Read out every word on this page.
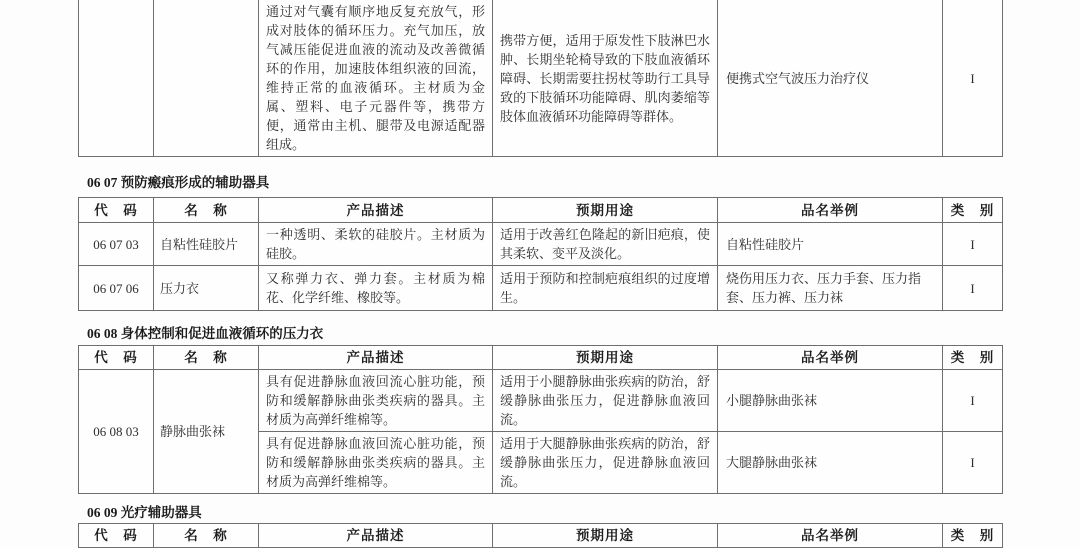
		通过对气囊有顺序地反复充放气，形成对肢体的循环压力。充气加压，放气减压能促进血液的流动及改善微循环的作用，加速肢体组织液的回流，维持正常的血液循环。主材质为金属、塑料、电子元器件等，携带方便，通常由主机、腿带及电源适配器组成。	携带方便，适用于原发性下肢淋巴水肿、长期坐轮椅导致的下肢血液循环障碍、长期需要拄拐杖等助行工具导致的下肢循环功能障碍、肌肉萎缩等肢体血液循环功能障碍等群体。	便携式空气波压力治疗仪	I
06 07 预防瘢痕形成的辅助器具
代　码	名　称	产品描述	预期用途	品名举例	类　别
06 07 03	自粘性硅胶片	一种透明、柔软的硅胶片。主材质为硅胶。	适用于改善红色隆起的新旧疤痕，使其柔软、变平及淡化。	自粘性硅胶片	I
06 07 06	压力衣	又称弹力衣、弹力套。主材质为棉花、化学纤维、橡胶等。	适用于预防和控制疤痕组织的过度增生。	烧伤用压力衣、压力手套、压力指套、压力裤、压力袜	I
06 08 身体控制和促进血液循环的压力衣
代　码	名　称	产品描述	预期用途	品名举例	类　别
06 08 03	静脉曲张袜	具有促进静脉血液回流心脏功能，预防和缓解静脉曲张类疾病的器具。主材质为高弹纤维棉等。	适用于小腿静脉曲张疾病的防治，舒缓静脉曲张压力，促进静脉血液回流。	小腿静脉曲张袜	I
		具有促进静脉血液回流心脏功能，预防和缓解静脉曲张类疾病的器具。主材质为高弹纤维棉等。	适用于大腿静脉曲张疾病的防治，舒缓静脉曲张压力，促进静脉血液回流。	大腿静脉曲张袜	I
06 09 光疗辅助器具
代　码	名　称	产品描述	预期用途	品名举例	类　别
